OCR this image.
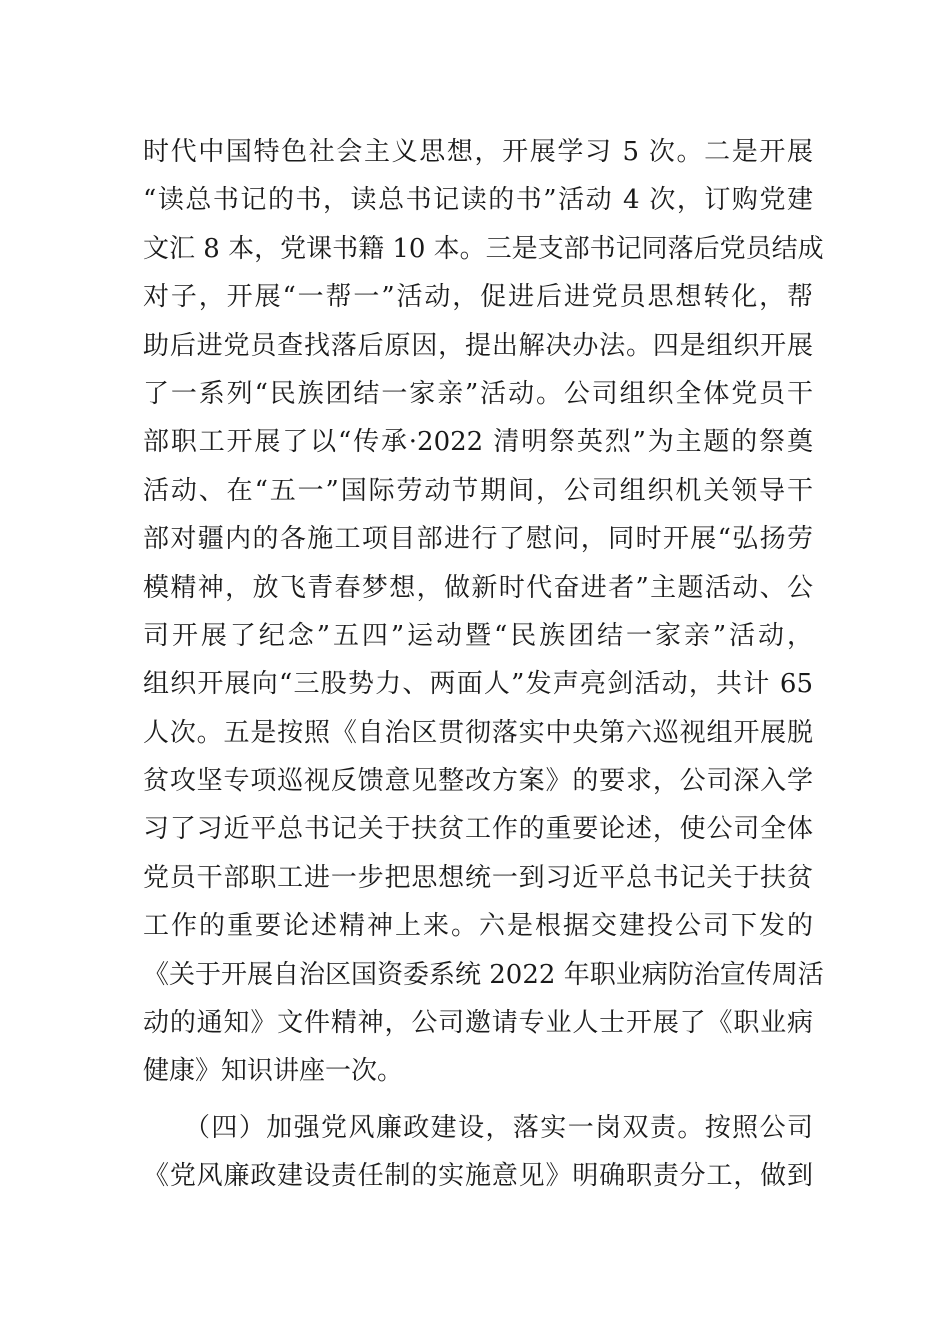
时代中国特色社会主义思想，开展学习 5 次。二是开展
“读总书记的书，读总书记读的书”活动 4 次，订购党建
文汇 8 本，党课书籍 10 本。三是支部书记同落后党员结成
对子，开展“一帮一”活动，促进后进党员思想转化，帮
助后进党员查找落后原因，提出解决办法。四是组织开展
了一系列“民族团结一家亲”活动。公司组织全体党员干
部职工开展了以“传承·2022 清明祭英烈”为主题的祭奠
活动、在“五一”国际劳动节期间，公司组织机关领导干
部对疆内的各施工项目部进行了慰问，同时开展“弘扬劳
模精神，放飞青春梦想，做新时代奋进者”主题活动、公
司开展了纪念”五四”运动暨“民族团结一家亲”活动，
组织开展向“三股势力、两面人”发声亮剑活动，共计 65
人次。五是按照《自治区贯彻落实中央第六巡视组开展脱
贫攻坚专项巡视反馈意见整改方案》的要求，公司深入学
习了习近平总书记关于扶贫工作的重要论述，使公司全体
党员干部职工进一步把思想统一到习近平总书记关于扶贫
工作的重要论述精神上来。六是根据交建投公司下发的
《关于开展自治区国资委系统 2022 年职业病防治宣传周活
动的通知》文件精神，公司邀请专业人士开展了《职业病
健康》知识讲座一次。
（四）加强党风廉政建设，落实一岗双责。按照公司
《党风廉政建设责任制的实施意见》明确职责分工，做到
